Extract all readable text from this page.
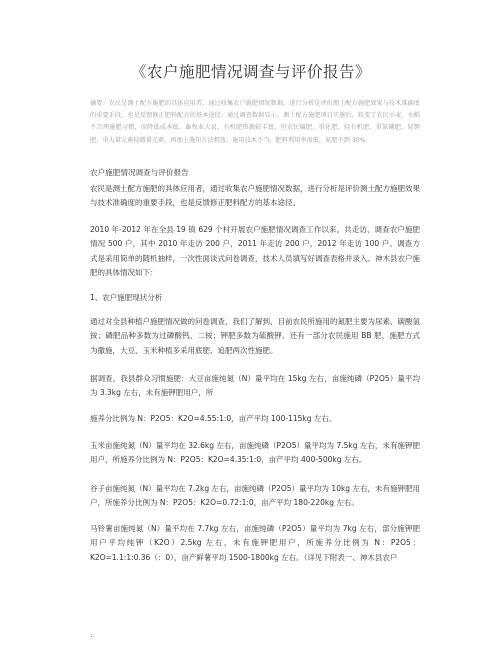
《农户施肥情况调查与评价报告》
摘要：农民是测土配方施肥的具体应用者，通过收集农户施肥情况数据，进行分析是评价测土配方施肥效果与技术准确度的重要手段，也是反馈修正肥料配方的基本途径。通过调查数据显示，测土配方施肥项目实施后，转变了农民小麦、水稻不合理施肥习惯，而降低成本低、畜牧业大县，有机肥资源较丰富，但农民偏肥，重化肥、轻有机肥，重氮磷肥，轻钾肥，重大量元素轻微量元素，再加上施用方法粗放，施用技术不当，肥料利用率很低，氮肥不到 30%
农户施肥情况调查与评价报告
农民是测土配方施肥的具体应用者，通过收集农户施肥情况数据，进行分析是评价测土配方施肥效果与技术准确度的重要手段，也是反馈修正肥料配方的基本途径。
2010 年-2012 年在全县 19 镇 629 个村开展农户施肥情况调查工作以来，共走访、调查农户施肥情况 500 户，其中 2010 年走访 200 户，2011 年走访 200 户，2012 年走访 100 户。调查方式是采用简单的随机抽样，一次性面谈式问卷调查，技术人员填写好调查表格并录入。神木县农户施肥的具体情况如下：
1、农户施肥现状分析
通过对全县种植户施肥情况做的问卷调查，我们了解到，目前农民所施用的氮肥主要为尿素、碳酸氢铵；磷肥品种多数为过磷酸钙、二铵；钾肥多数为硫酸钾。还有一部分农民施用 BB 肥，施肥方式为撒施，大豆、玉米种植多采用底肥、追肥两次性施肥。
据调查，我县群众习惯施肥：大豆亩施纯氮（N）量平均在 15kg 左右，亩施纯磷（P2O5）量平均为 3.3kg 左右，未有施钾肥用户，所
施养分比例为 N：P2O5：K2O=4.55:1:0，亩产平均 100-115kg 左右。
玉米亩施纯氮（N）量平均在 32.6kg 左右，亩施纯磷（P2O5）量平均为 7.5kg 左右，未有施钾肥用户，所施养分比例为 N：P2O5：K2O=4.35:1:0，亩产平均 400-500kg 左右。
谷子亩施纯氮（N）量平均在 7.2kg 左右，亩施纯磷（P2O5）量平均为 10kg 左右，未有施钾肥用户，所施养分比例为 N：P2O5：K2O=0.72:1:0，亩产平均 180-220kg 左右。
马铃薯亩施纯氮（N）量平均在 7.7kg 左右，亩施纯磷（P2O5）量平均为 7kg 左右，部分施钾肥用户平均纯钾（K2O）2.5kg 左右，未有施钾肥用户，所施养分比例为 N：P2O5：K2O=1.1:1:0.36（：0），亩产鲜薯平均 1500-1800kg 左右。（详见下附表一、神木县农户
.
